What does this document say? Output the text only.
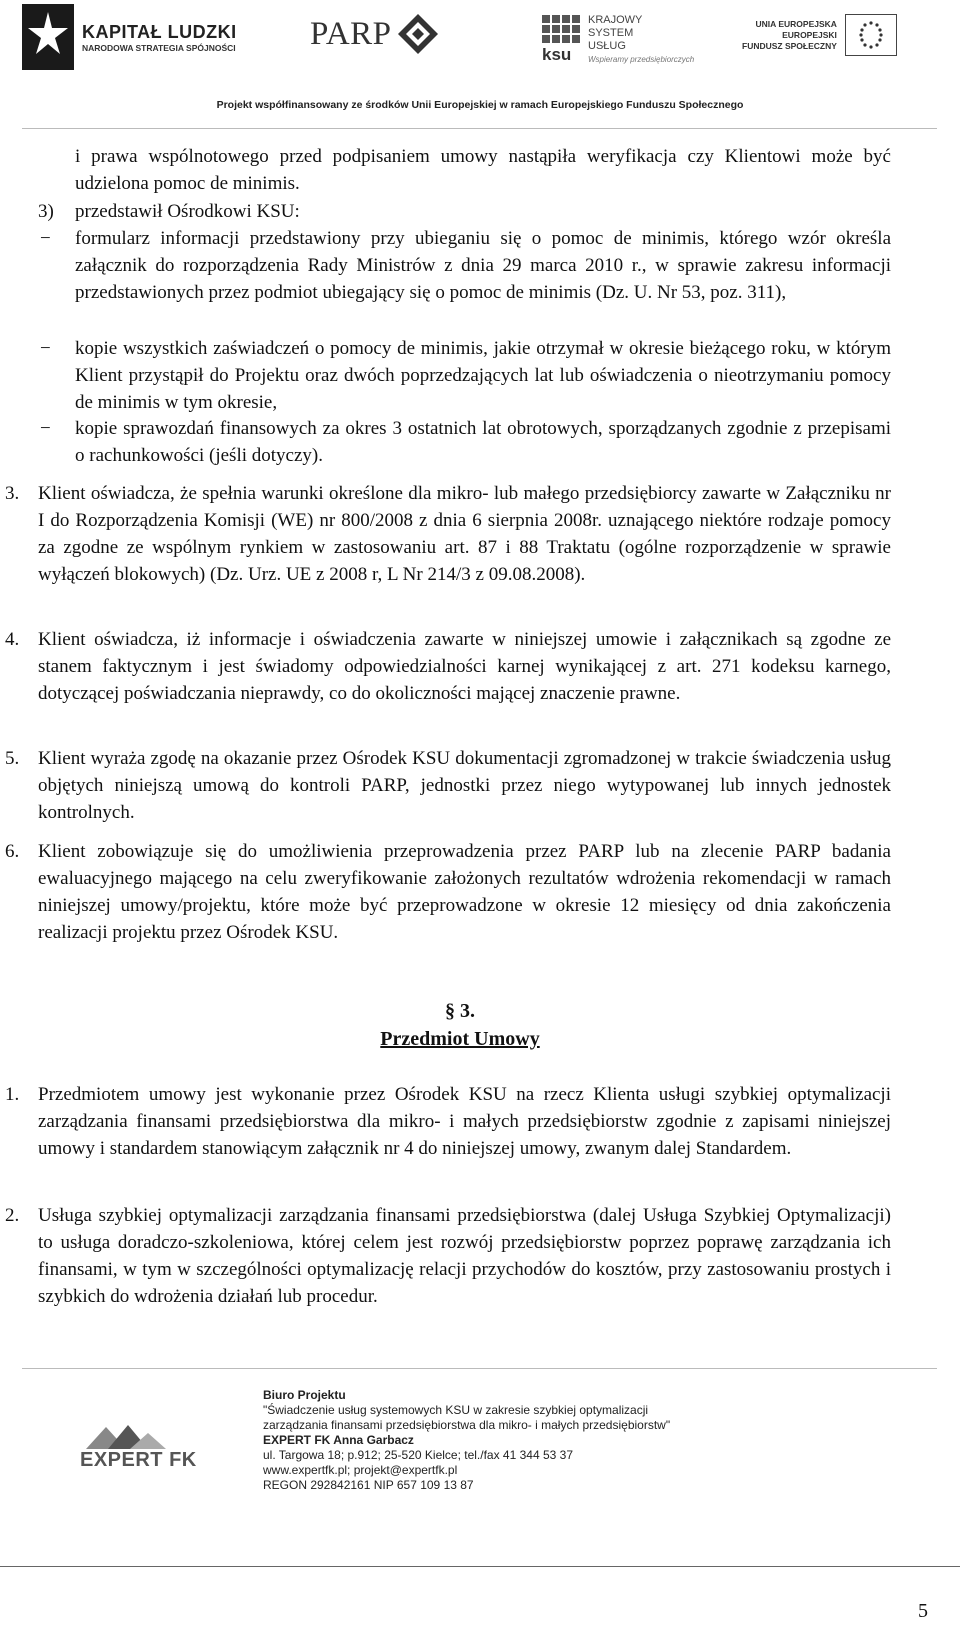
KAPITAŁ LUDZKI
NARODOWA STRATEGIA SPÓJNOŚCI PARP
ksu
KRAJOWY
SYSTEM
USŁUG
Wspieramy przedsiębiorczych
UNIA EUROPEJSKA
EUROPEJSKI
FUNDUSZ SPOŁECZNY
Projekt współfinansowany ze środków Unii Europejskiej w ramach Europejskiego Funduszu Społecznego
i prawa wspólnotowego przed podpisaniem umowy nastąpiła weryfikacja czy Klientowi może być udzielona pomoc de minimis.
3) przedstawił Ośrodkowi KSU:
− formularz informacji przedstawiony przy ubieganiu się o pomoc de minimis, którego wzór określa załącznik do rozporządzenia Rady Ministrów z dnia 29 marca 2010 r., w sprawie zakresu informacji przedstawionych przez podmiot ubiegający się o pomoc de minimis (Dz. U. Nr 53, poz. 311),
− kopie wszystkich zaświadczeń o pomocy de minimis, jakie otrzymał w okresie bieżącego roku, w którym Klient przystąpił do Projektu oraz dwóch poprzedzających lat lub oświadczenia o nieotrzymaniu pomocy de minimis w tym okresie,
− kopie sprawozdań finansowych za okres 3 ostatnich lat obrotowych, sporządzanych zgodnie z przepisami o rachunkowości (jeśli dotyczy).
3. Klient oświadcza, że spełnia warunki określone dla mikro- lub małego przedsiębiorcy zawarte w Załączniku nr I do Rozporządzenia Komisji (WE) nr 800/2008 z dnia 6 sierpnia 2008r. uznającego niektóre rodzaje pomocy za zgodne ze wspólnym rynkiem w zastosowaniu art. 87 i 88 Traktatu (ogólne rozporządzenie w sprawie wyłączeń blokowych) (Dz. Urz. UE z 2008 r, L Nr 214/3 z 09.08.2008).
4. Klient oświadcza, iż informacje i oświadczenia zawarte w niniejszej umowie i załącznikach są zgodne ze stanem faktycznym i jest świadomy odpowiedzialności karnej wynikającej z art. 271 kodeksu karnego, dotyczącej poświadczania nieprawdy, co do okoliczności mającej znaczenie prawne.
5. Klient wyraża zgodę na okazanie przez Ośrodek KSU dokumentacji zgromadzonej w trakcie świadczenia usług objętych niniejszą umową do kontroli PARP, jednostki przez niego wytypowanej lub innych jednostek kontrolnych.
6. Klient zobowiązuje się do umożliwienia przeprowadzenia przez PARP lub na zlecenie PARP badania ewaluacyjnego mającego na celu zweryfikowanie założonych rezultatów wdrożenia rekomendacji w ramach niniejszej umowy/projektu, które może być przeprowadzone w okresie 12 miesięcy od dnia zakończenia realizacji projektu przez Ośrodek KSU.
§ 3.
Przedmiot Umowy
1. Przedmiotem umowy jest wykonanie przez Ośrodek KSU na rzecz Klienta usługi szybkiej optymalizacji zarządzania finansami przedsiębiorstwa dla mikro- i małych przedsiębiorstw zgodnie z zapisami niniejszej umowy i standardem stanowiącym załącznik nr 4 do niniejszej umowy, zwanym dalej Standardem.
2. Usługa szybkiej optymalizacji zarządzania finansami przedsiębiorstwa (dalej Usługa Szybkiej Optymalizacji) to usługa doradczo-szkoleniowa, której celem jest rozwój przedsiębiorstw poprzez poprawę zarządzania ich finansami, w tym w szczególności optymalizację relacji przychodów do kosztów, przy zastosowaniu prostych i szybkich do wdrożenia działań lub procedur.
EXPERT FK
Biuro Projektu
"Świadczenie usług systemowych KSU w zakresie szybkiej optymalizacji
zarządzania finansami przedsiębiorstwa dla mikro- i małych przedsiębiorstw"
EXPERT FK Anna Garbacz
ul. Targowa 18; p.912; 25-520 Kielce; tel./fax 41 344 53 37
www.expertfk.pl; projekt@expertfk.pl
REGON 292842161 NIP 657 109 13 87
5
